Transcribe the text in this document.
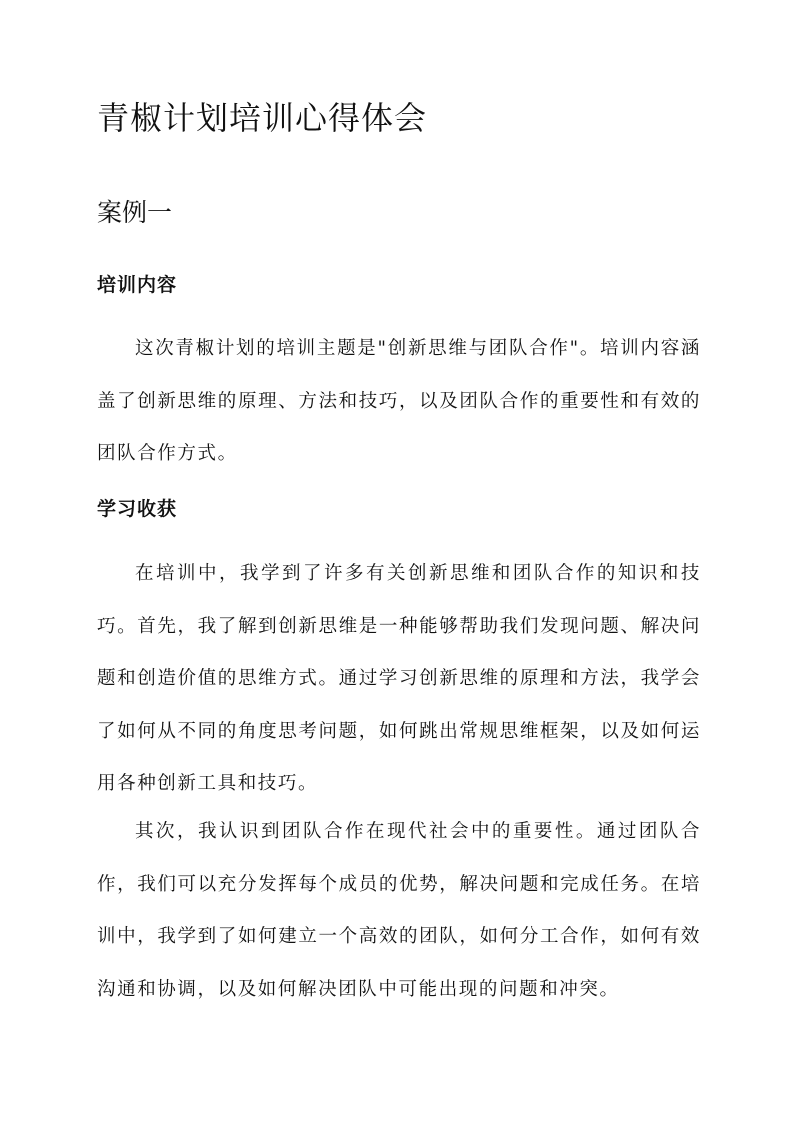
青椒计划培训心得体会
案例一
培训内容

这次青椒计划的培训主题是"创新思维与团队合作"。培训内容涵盖了创新思维的原理、方法和技巧，以及团队合作的重要性和有效的团队合作方式。

学习收获

在培训中，我学到了许多有关创新思维和团队合作的知识和技巧。首先，我了解到创新思维是一种能够帮助我们发现问题、解决问题和创造价值的思维方式。通过学习创新思维的原理和方法，我学会了如何从不同的角度思考问题，如何跳出常规思维框架，以及如何运用各种创新工具和技巧。

其次，我认识到团队合作在现代社会中的重要性。通过团队合作，我们可以充分发挥每个成员的优势，解决问题和完成任务。在培训中，我学到了如何建立一个高效的团队，如何分工合作，如何有效沟通和协调，以及如何解决团队中可能出现的问题和冲突。
